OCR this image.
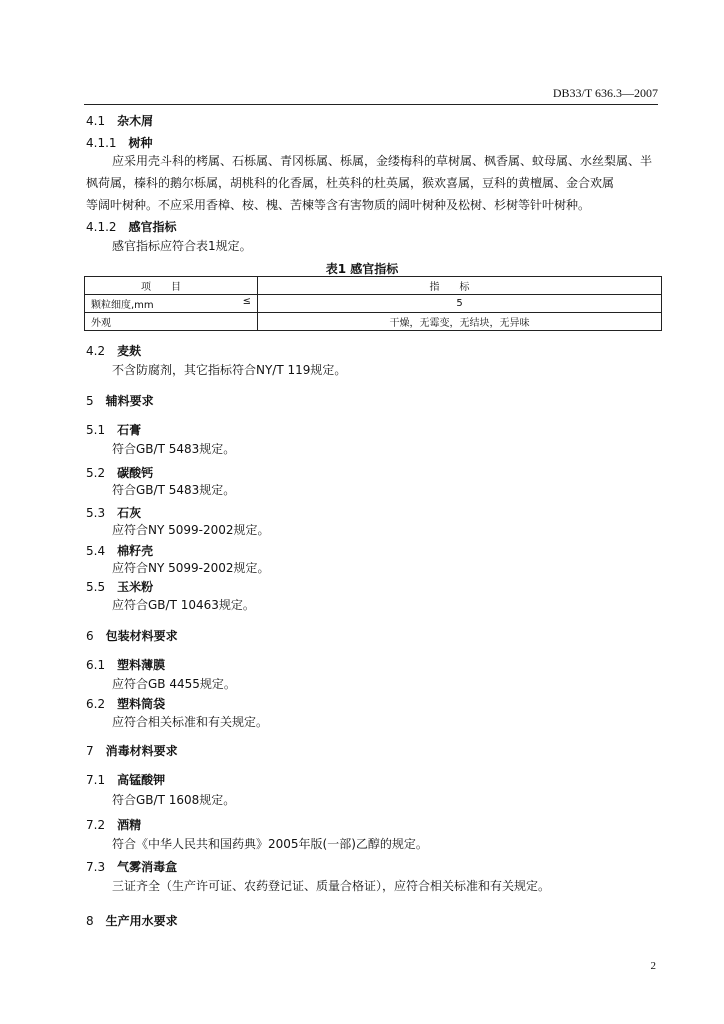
DB33/T 636.3—2007
4.1 杂木屑
4.1.1 树种
应采用壳斗科的栲属、石栎属、青冈栎属、栎属，金缕梅科的草树属、枫香属、蚊母属、水丝梨属、半
枫荷属，榛科的鹅尔栎属，胡桃科的化香属，杜英科的杜英属，猴欢喜属，豆科的黄檀属、金合欢属
等阔叶树种。不应采用香樟、桉、槐、苦楝等含有害物质的阔叶树种及松树、杉树等针叶树种。
4.1.2 感官指标
感官指标应符合表1规定。
表1 感官指标
项目	指标
颗粒细度,mm ≤	5
外观	干燥，无霉变，无结块，无异味
4.2 麦麸
不含防腐剂，其它指标符合NY/T 119规定。
5 辅料要求
5.1 石膏
符合GB/T 5483规定。
5.2 碳酸钙
符合GB/T 5483规定。
5.3 石灰
应符合NY 5099-2002规定。
5.4 棉籽壳
应符合NY 5099-2002规定。
5.5 玉米粉
应符合GB/T 10463规定。
6 包装材料要求
6.1 塑料薄膜
应符合GB 4455规定。
6.2 塑料筒袋
应符合相关标准和有关规定。
7 消毒材料要求
7.1 高锰酸钾
符合GB/T 1608规定。
7.2 酒精
符合《中华人民共和国药典》2005年版(一部)乙醇的规定。
7.3 气雾消毒盒
三证齐全（生产许可证、农药登记证、质量合格证），应符合相关标准和有关规定。
8 生产用水要求
2
